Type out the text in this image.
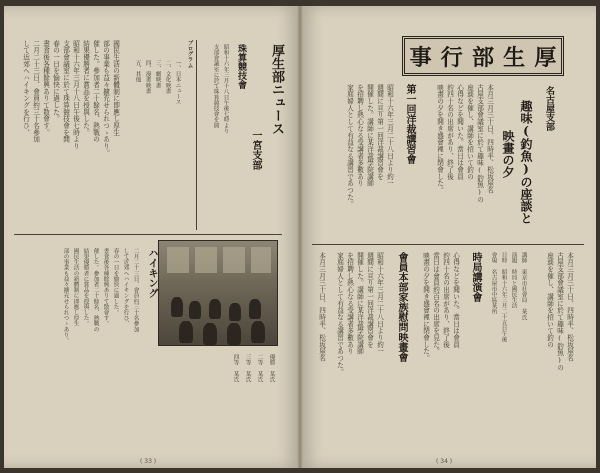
事 行 部 生 厚
名古屋支部
趣味(釣魚)の座談と
映畫の夕
本月三月三十日、四時半、松坂屋名
古屋支部會議室に於て趣味(釣魚)の
座談を催し、講師を招いて釣の
心得などを聞いた。當日は會員
約四十名の出席があり、終了後
映畫の夕を開き盛會裡に閉會した。
第一回洋裁講習會
昭和十六年三月二十八日より約一
週間に亘り第一回洋裁講習會を
開催した。講師に某洋裁學院講師
を招聘し熱心なる受講者多數あり
家庭婦人として有益なる講習であつた。
本月三月三十日、四時半、松坂屋名
古屋支部會議室に於て趣味(釣魚)の
座談を催し、講師を招いて釣の
講師 東京市社會局 某氏
演題 時局と國民生活
日時 昭和十六年三月二十五日午後
會場 名古屋市中區某所
時局講演會
心得などを聞いた。當日は會員
約四十名の出席があり、終了後
當日は會員約百名の出席を見た。
映畫の夕を開き盛會裡に閉會した。
會員本部家族慰問映畫會
昭和十六年三月二十八日より約一
週間に亘り第一回洋裁講習會を
開催した。講師に某洋裁學院講師
を招聘し熱心なる受講者多數あり
家庭婦人として有益なる講習であつた。
本月三月三十日、四時半、松坂屋名
( 34 )
厚生部ニュース
一宮支部
珠算競技會
昭和十六年三月十八日午後七時より
支部會議室に於て珠算競技會を開
プログラム
一、日本ニュース
二、文化映畫
三、劇映畫
四、漫畫映畫
五、其他
國民生活の新體制に即應し厚生
部の事業も益々擴充せられつゝあり。
催した。參加者二十餘名、熱戰の
結果優勝者に賞品を授與した。
昭和十六年三月十八日午後七時より
支部會議室に於て珠算競技會を開
春の一日を愉快に過した。
晝食後各種餘興ありて散會す。
二月二十三日、會員約三十名參加
して近郊へハイキングを行ひ、
ハイキング
二月二十三日、會員約三十名參加
して近郊へハイキングを行ひ、
春の一日を愉快に過した。
晝食後各種餘興ありて散會す。
催した。參加者二十餘名、熱戰の
結果優勝者に賞品を授與した。
國民生活の新體制に即應し厚生
部の事業も益々擴充せられつゝあり。
優勝 某氏
二等 某氏
三等 某氏
四等 某氏
( 33 )
